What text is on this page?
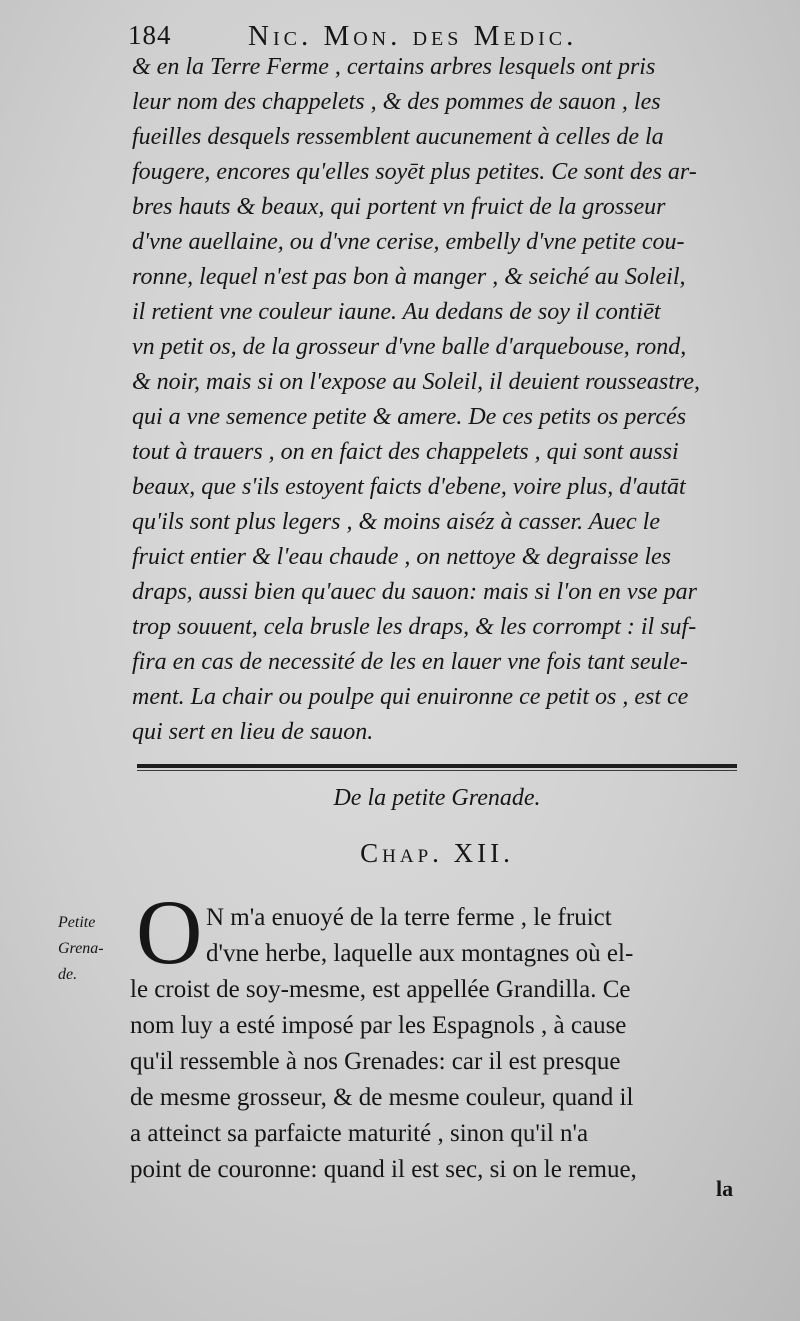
184	Nic. Mon. des Medic.
& en la Terre Ferme , certains arbres lesquels ont pris
leur nom des chappelets , & des pommes de sauon , les
fueilles desquels ressemblent aucunement à celles de la
fougere, encores qu'elles soyēt plus petites. Ce sont des ar-
bres hauts & beaux, qui portent vn fruict de la grosseur
d'vne auellaine, ou d'vne cerise, embelly d'vne petite cou-
ronne, lequel n'est pas bon à manger , & seiché au Soleil,
il retient vne couleur iaune. Au dedans de soy il contiēt
vn petit os, de la grosseur d'vne balle d'arquebouse, rond,
& noir, mais si on l'expose au Soleil, il deuient rousseastre,
qui a vne semence petite & amere. De ces petits os percés
tout à trauers , on en faict des chappelets , qui sont aussi
beaux, que s'ils estoyent faicts d'ebene, voire plus, d'autāt
qu'ils sont plus legers , & moins aiséz à casser. Auec le
fruict entier & l'eau chaude , on nettoye & degraisse les
draps, aussi bien qu'auec du sauon: mais si l'on en vse par
trop souuent, cela brusle les draps, & les corrompt : il suf-
fira en cas de necessité de les en lauer vne fois tant seule-
ment. La chair ou poulpe qui enuironne ce petit os , est ce
qui sert en lieu de sauon.
De la petite Grenade.
Chap. XII.
Petite
Grena-
de. O N m'a enuoyé de la terre ferme , le fruict
d'vne herbe, laquelle aux montagnes où el-
le croist de soy-mesme, est appellée Grandilla. Ce
nom luy a esté imposé par les Espagnols , à cause
qu'il ressemble à nos Grenades: car il est presque
de mesme grosseur, & de mesme couleur, quand il
a atteinct sa parfaicte maturité , sinon qu'il n'a
point de couronne: quand il est sec, si on le remue,
la
